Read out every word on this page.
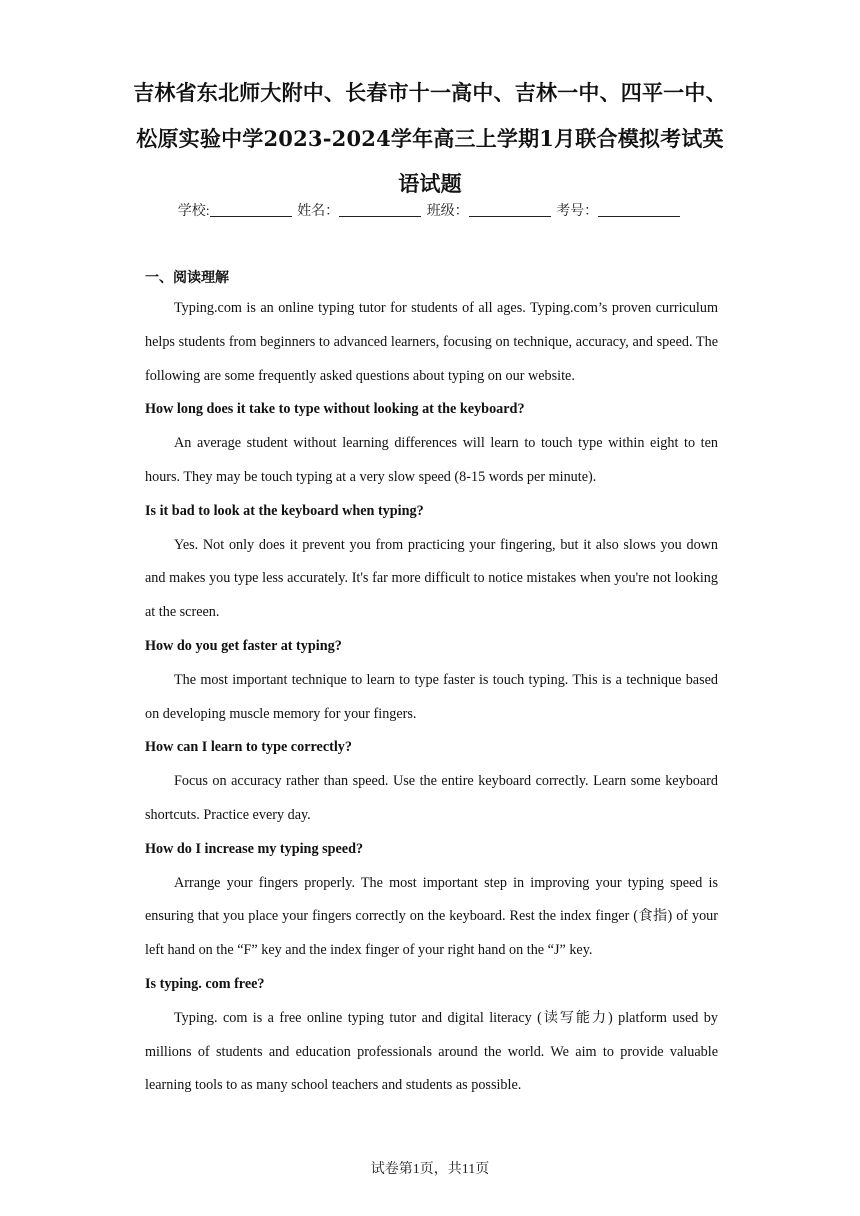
吉林省东北师大附中、长春市十一高中、吉林一中、四平一中、松原实验中学2023-2024学年高三上学期1月联合模拟考试英语试题
学校:	姓名：	班级：	考号：
一、阅读理解

Typing.com is an online typing tutor for students of all ages. Typing.com’s proven curriculum helps students from beginners to advanced learners, focusing on technique, accuracy, and speed. The following are some frequently asked questions about typing on our website.

How long does it take to type without looking at the keyboard?

An average student without learning differences will learn to touch type within eight to ten hours. They may be touch typing at a very slow speed (8-15 words per minute).

Is it bad to look at the keyboard when typing?

Yes. Not only does it prevent you from practicing your fingering, but it also slows you down and makes you type less accurately. It's far more difficult to notice mistakes when you're not looking at the screen.

How do you get faster at typing?

The most important technique to learn to type faster is touch typing. This is a technique based on developing muscle memory for your fingers.

How can I learn to type correctly?

Focus on accuracy rather than speed. Use the entire keyboard correctly. Learn some keyboard shortcuts. Practice every day.

How do I increase my typing speed?

Arrange your fingers properly. The most important step in improving your typing speed is ensuring that you place your fingers correctly on the keyboard. Rest the index finger (食指) of your left hand on the “F” key and the index finger of your right hand on the “J” key.

Is typing. com free?

Typing. com is a free online typing tutor and digital literacy (读写能力) platform used by millions of students and education professionals around the world. We aim to provide valuable learning tools to as many school teachers and students as possible.

试卷第1页，共11页
